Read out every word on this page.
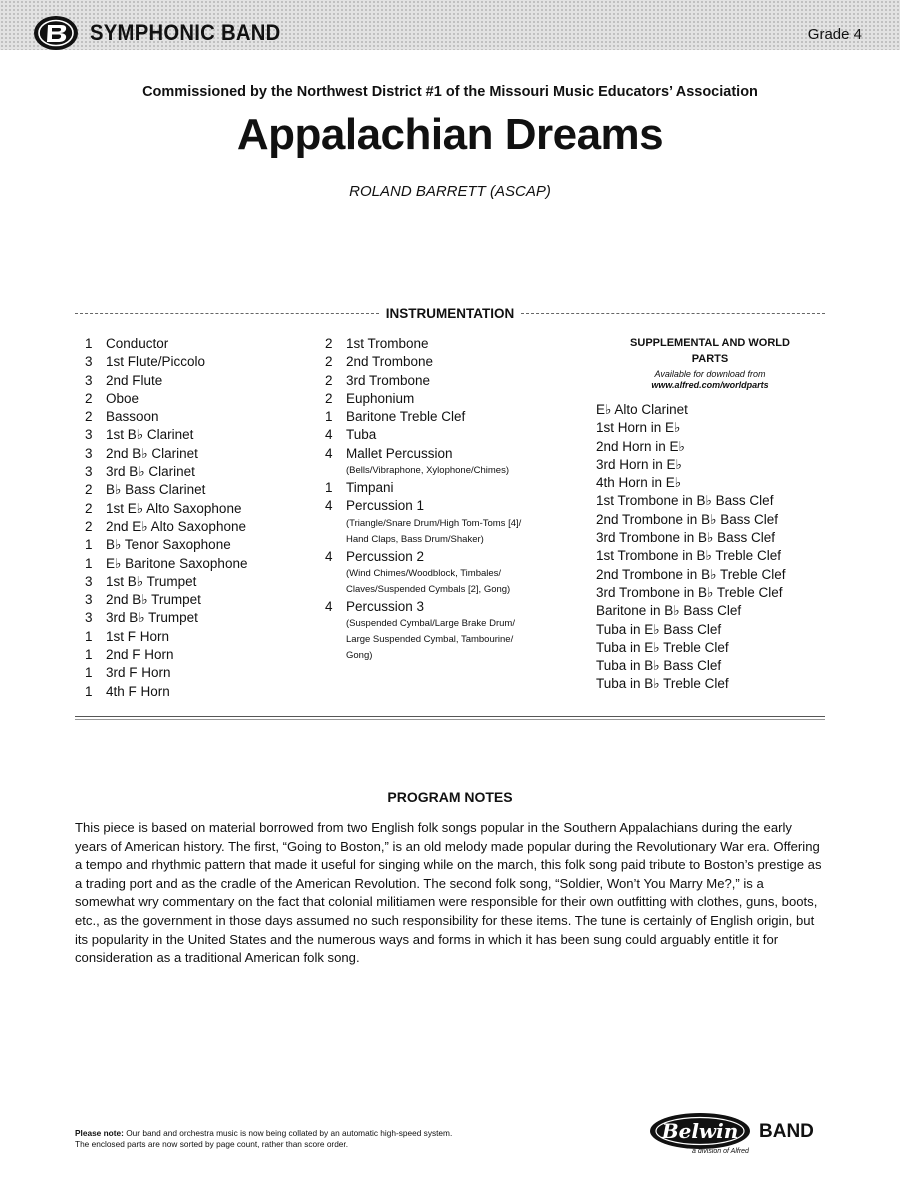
SYMPHONIC BAND	Grade 4
Commissioned by the Northwest District #1 of the Missouri Music Educators’ Association
Appalachian Dreams
ROLAND BARRETT (ASCAP)
INSTRUMENTATION
1 Conductor
3 1st Flute/Piccolo
3 2nd Flute
2 Oboe
2 Bassoon
3 1st B♭ Clarinet
3 2nd B♭ Clarinet
3 3rd B♭ Clarinet
2 B♭ Bass Clarinet
2 1st E♭ Alto Saxophone
2 2nd E♭ Alto Saxophone
1 B♭ Tenor Saxophone
1 E♭ Baritone Saxophone
3 1st B♭ Trumpet
3 2nd B♭ Trumpet
3 3rd B♭ Trumpet
1 1st F Horn
1 2nd F Horn
1 3rd F Horn
1 4th F Horn
2 1st Trombone
2 2nd Trombone
2 3rd Trombone
2 Euphonium
1 Baritone Treble Clef
4 Tuba
4 Mallet Percussion
(Bells/Vibraphone, Xylophone/Chimes)
1 Timpani
4 Percussion 1
(Triangle/Snare Drum/High Tom-Toms [4]/
Hand Claps, Bass Drum/Shaker)
4 Percussion 2
(Wind Chimes/Woodblock, Timbales/
Claves/Suspended Cymbals [2], Gong)
4 Percussion 3
(Suspended Cymbal/Large Brake Drum/
Large Suspended Cymbal, Tambourine/
Gong)
SUPPLEMENTAL AND WORLD
PARTS
Available for download from
www.alfred.com/worldparts
E♭ Alto Clarinet
1st Horn in E♭
2nd Horn in E♭
3rd Horn in E♭
4th Horn in E♭
1st Trombone in B♭ Bass Clef
2nd Trombone in B♭ Bass Clef
3rd Trombone in B♭ Bass Clef
1st Trombone in B♭ Treble Clef
2nd Trombone in B♭ Treble Clef
3rd Trombone in B♭ Treble Clef
Baritone in B♭ Bass Clef
Tuba in E♭ Bass Clef
Tuba in E♭ Treble Clef
Tuba in B♭ Bass Clef
Tuba in B♭ Treble Clef
PROGRAM NOTES
This piece is based on material borrowed from two English folk songs popular in the Southern Appalachians during the early years of American history. The first, “Going to Boston,” is an old melody made popular during the Revolutionary War era. Offering a tempo and rhythmic pattern that made it useful for singing while on the march, this folk song paid tribute to Boston’s prestige as a trading port and as the cradle of the American Revolution. The second folk song, “Soldier, Won’t You Marry Me?,” is a somewhat wry commentary on the fact that colonial militiamen were responsible for their own outfitting with clothes, guns, boots, etc., as the government in those days assumed no such responsibility for these items. The tune is certainly of English origin, but its popularity in the United States and the numerous ways and forms in which it has been sung could arguably entitle it for consideration as a traditional American folk song.
Please note: Our band and orchestra music is now being collated by an automatic high-speed system.
The enclosed parts are now sorted by page count, rather than score order.
Belwin BAND
a division of Alfred
